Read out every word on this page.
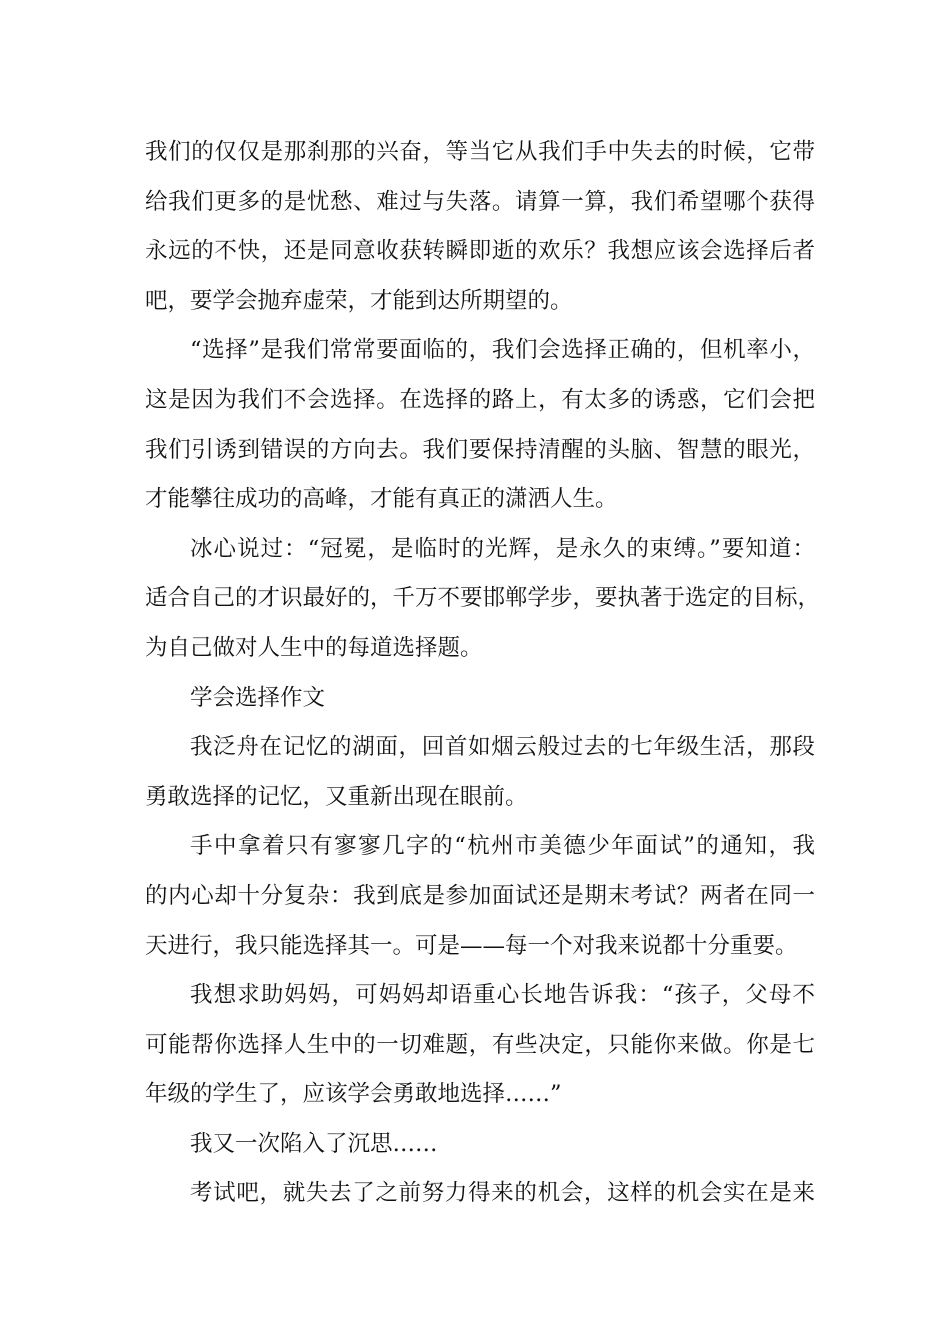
我们的仅仅是那刹那的兴奋，等当它从我们手中失去的时候，它带
给我们更多的是忧愁、难过与失落。请算一算，我们希望哪个获得
永远的不快，还是同意收获转瞬即逝的欢乐？我想应该会选择后者
吧，要学会抛弃虚荣，才能到达所期望的。
“选择”是我们常常要面临的，我们会选择正确的，但机率小，
这是因为我们不会选择。在选择的路上，有太多的诱惑，它们会把
我们引诱到错误的方向去。我们要保持清醒的头脑、智慧的眼光，
才能攀往成功的高峰，才能有真正的潇洒人生。
冰心说过：“冠冕，是临时的光辉，是永久的束缚。”要知道：
适合自己的才识最好的，千万不要邯郸学步，要执著于选定的目标，
为自己做对人生中的每道选择题。
学会选择作文
我泛舟在记忆的湖面，回首如烟云般过去的七年级生活，那段
勇敢选择的记忆，又重新出现在眼前。
手中拿着只有寥寥几字的“杭州市美德少年面试”的通知，我
的内心却十分复杂：我到底是参加面试还是期末考试？两者在同一
天进行，我只能选择其一。可是——每一个对我来说都十分重要。
我想求助妈妈，可妈妈却语重心长地告诉我：“孩子，父母不
可能帮你选择人生中的一切难题，有些决定，只能你来做。你是七
年级的学生了，应该学会勇敢地选择……”
我又一次陷入了沉思……
考试吧，就失去了之前努力得来的机会，这样的机会实在是来
